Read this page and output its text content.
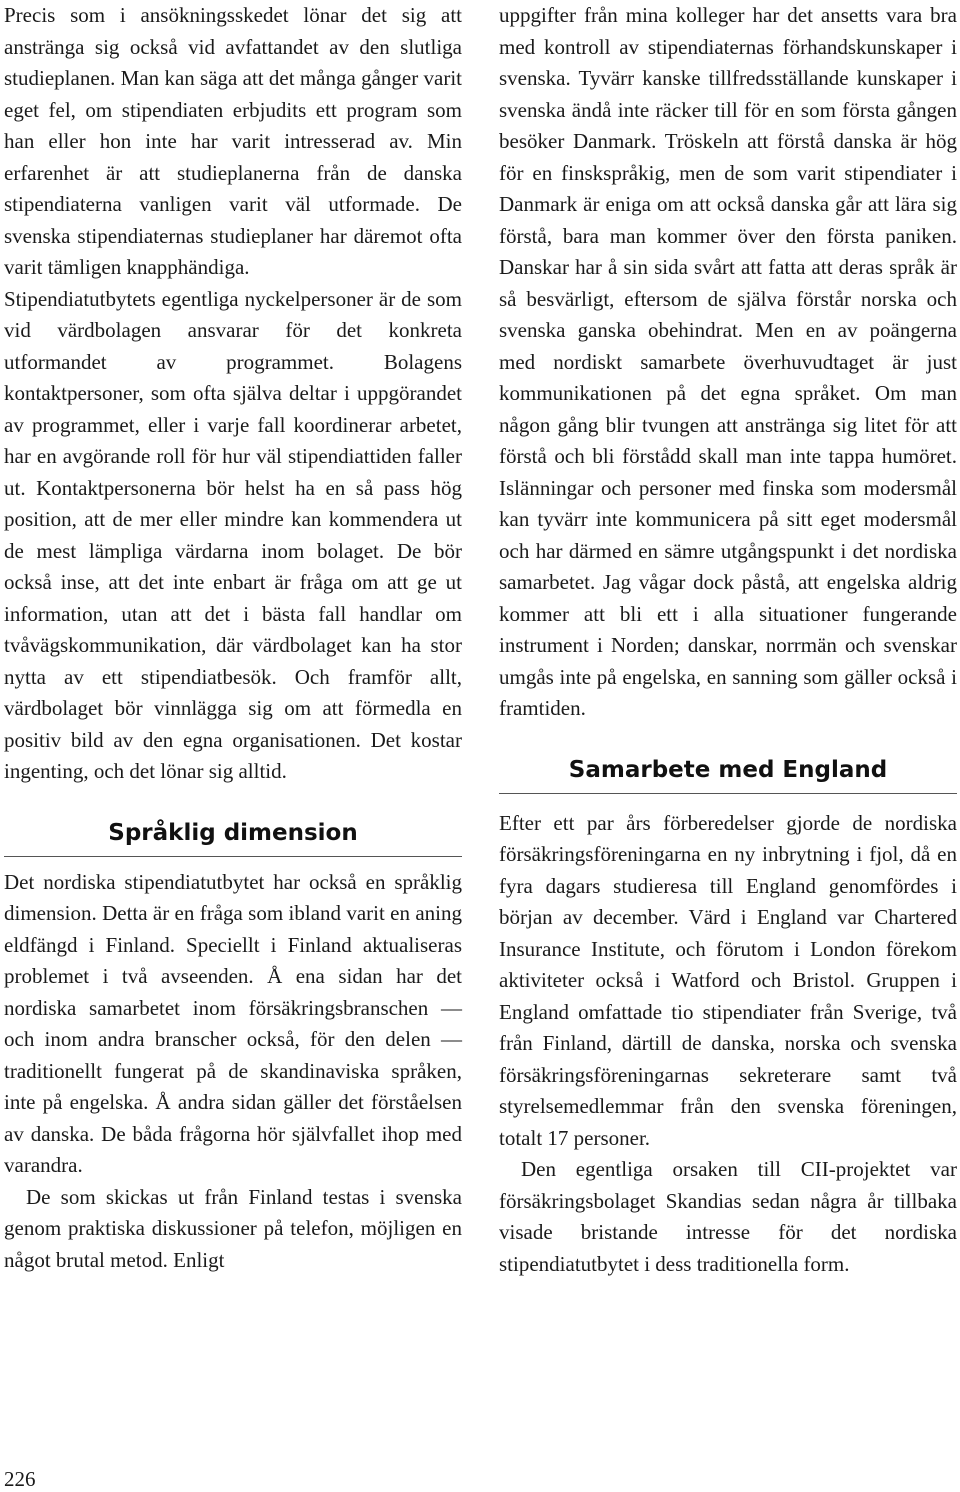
Precis som i ansökningsskedet lönar det sig att anstränga sig också vid avfattandet av den slutliga studieplanen. Man kan säga att det många gånger varit eget fel, om stipendiaten erbjudits ett program som han eller hon inte har varit intresserad av. Min erfarenhet är att studieplanerna från de danska stipendiaterna vanligen varit väl utformade. De svenska stipendiaternas studieplaner har däremot ofta varit tämligen knapphändiga.

Stipendiatutbytets egentliga nyckelpersoner är de som vid värdbolagen ansvarar för det konkreta utformandet av programmet. Bolagens kontaktpersoner, som ofta själva deltar i uppgörandet av programmet, eller i varje fall koordinerar arbetet, har en avgörande roll för hur väl stipendiattiden faller ut. Kontaktpersonerna bör helst ha en så pass hög position, att de mer eller mindre kan kommendera ut de mest lämpliga värdarna inom bolaget. De bör också inse, att det inte enbart är fråga om att ge ut information, utan att det i bästa fall handlar om tvåvägskommunikation, där värdbolaget kan ha stor nytta av ett stipendiatbesök. Och framför allt, värdbolaget bör vinnlägga sig om att förmedla en positiv bild av den egna organisationen. Det kostar ingenting, och det lönar sig alltid.

Språklig dimension

Det nordiska stipendiatutbytet har också en språklig dimension. Detta är en fråga som ibland varit en aning eldfängd i Finland. Speciellt i Finland aktualiseras problemet i två avseenden. Å ena sidan har det nordiska samarbetet inom försäkringsbranschen — och inom andra branscher också, för den delen — traditionellt fungerat på de skandinaviska språken, inte på engelska. Å andra sidan gäller det förståelsen av danska. De båda frågorna hör självfallet ihop med varandra.

De som skickas ut från Finland testas i svenska genom praktiska diskussioner på telefon, möjligen en något brutal metod. Enligt

uppgifter från mina kolleger har det ansetts vara bra med kontroll av stipendiaternas förhandskunskaper i svenska. Tyvärr kanske tillfredsställande kunskaper i svenska ändå inte räcker till för en som första gången besöker Danmark. Tröskeln att förstå danska är hög för en finskspråkig, men de som varit stipendiater i Danmark är eniga om att också danska går att lära sig förstå, bara man kommer över den första paniken. Danskar har å sin sida svårt att fatta att deras språk är så besvärligt, eftersom de själva förstår norska och svenska ganska obehindrat. Men en av poängerna med nordiskt samarbete överhuvudtaget är just kommunikationen på det egna språket. Om man någon gång blir tvungen att anstränga sig litet för att förstå och bli förstådd skall man inte tappa humöret. Islänningar och personer med finska som modersmål kan tyvärr inte kommunicera på sitt eget modersmål och har därmed en sämre utgångspunkt i det nordiska samarbetet. Jag vågar dock påstå, att engelska aldrig kommer att bli ett i alla situationer fungerande instrument i Norden; danskar, norrmän och svenskar umgås inte på engelska, en sanning som gäller också i framtiden.

Samarbete med England

Efter ett par års förberedelser gjorde de nordiska försäkringsföreningarna en ny inbrytning i fjol, då en fyra dagars studieresa till England genomfördes i början av december. Värd i England var Chartered Insurance Institute, och förutom i London förekom aktiviteter också i Watford och Bristol. Gruppen i England omfattade tio stipendiater från Sverige, två från Finland, därtill de danska, norska och svenska försäkringsföreningarnas sekreterare samt två styrelsemedlemmar från den svenska föreningen, totalt 17 personer.

Den egentliga orsaken till CII-projektet var försäkringsbolaget Skandias sedan några år tillbaka visade bristande intresse för det nordiska stipendiatutbytet i dess traditionella form.

226
